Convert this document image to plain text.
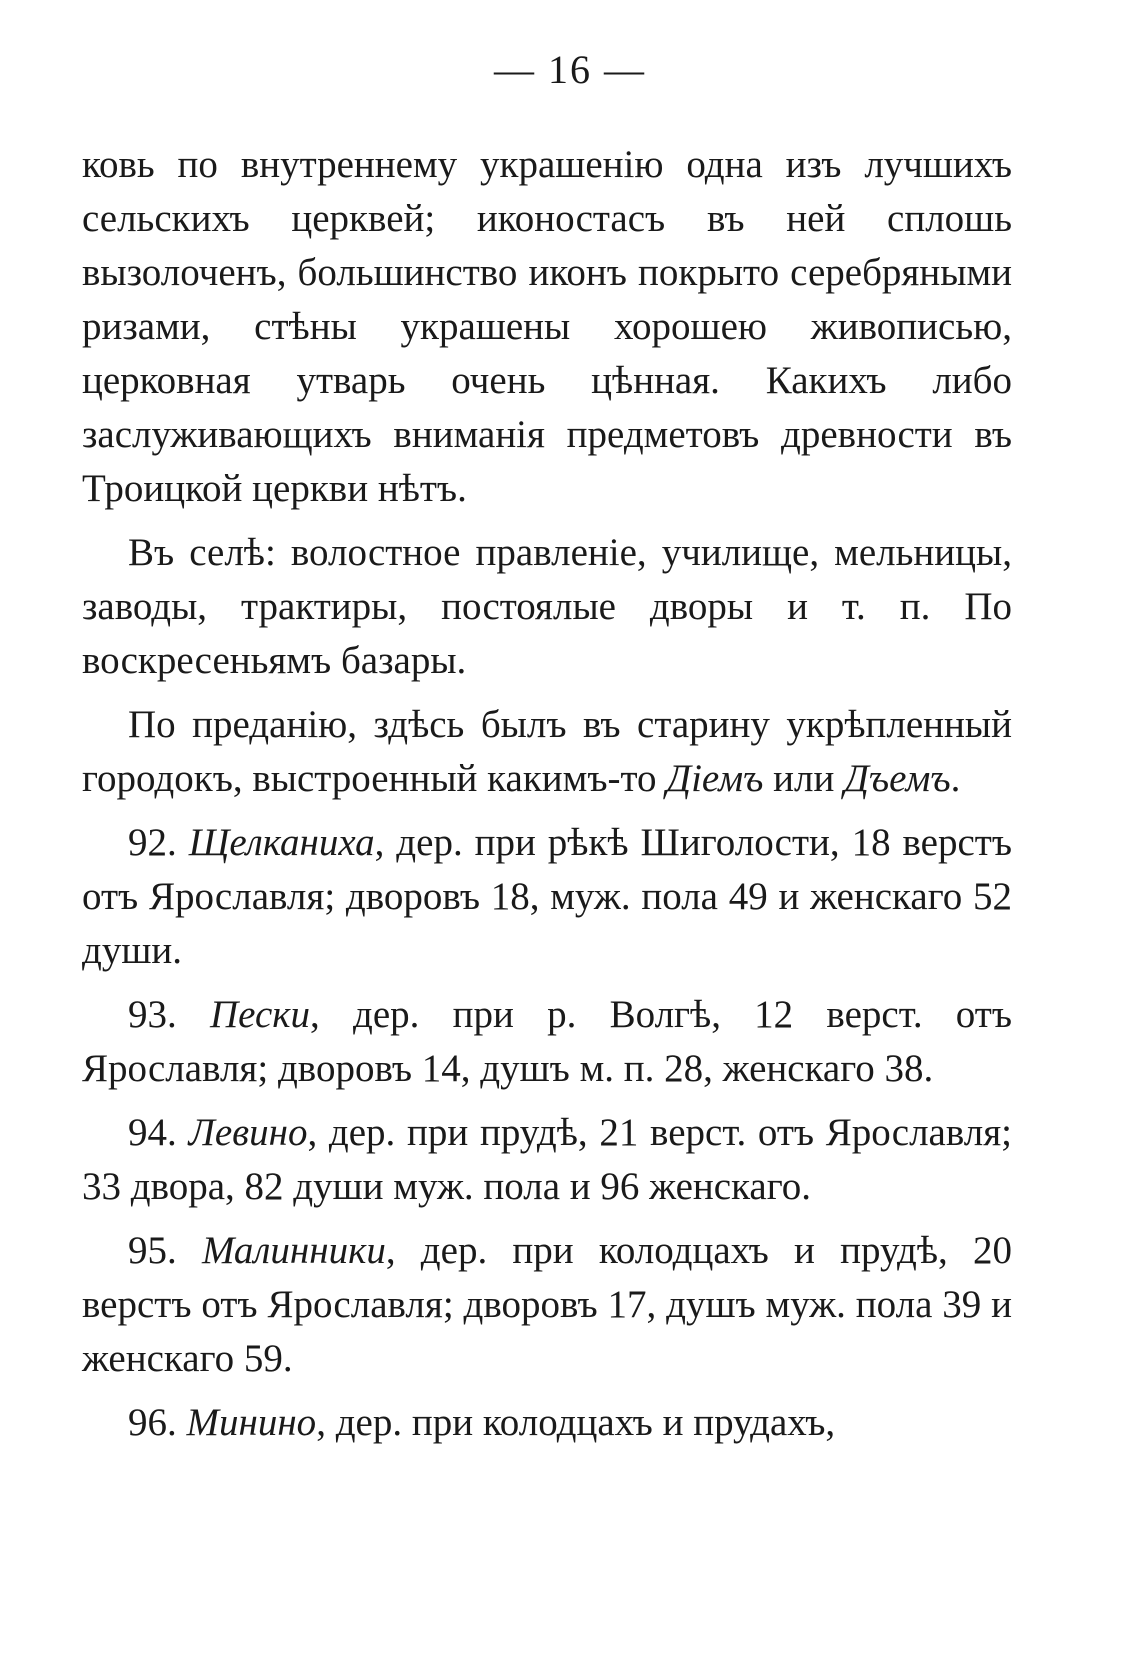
— 16 —

ковь по внутреннему украшенію одна изъ лучшихъ сельскихъ церквей; иконостасъ въ ней сплошь вызолоченъ, большинство иконъ покрыто серебряными ризами, стѣны украшены хорошею живописью, церковная утварь очень цѣнная. Какихъ либо заслуживающихъ вниманія предметовъ древности въ Троицкой церкви нѣтъ.

Въ селѣ: волостное правленіе, училище, мельницы, заводы, трактиры, постоялые дворы и т. п. По воскресеньямъ базары.

По преданію, здѣсь былъ въ старину укрѣпленный городокъ, выстроенный какимъ-то Діемъ или Дъемъ.

92. Щелканиха, дер. при рѣкѣ Шиголости, 18 верстъ отъ Ярославля; дворовъ 18, муж. пола 49 и женскаго 52 души.

93. Пески, дер. при р. Волгѣ, 12 верст. отъ Ярославля; дворовъ 14, душъ м. п. 28, женскаго 38.

94. Левино, дер. при прудѣ, 21 верст. отъ Ярославля; 33 двора, 82 души муж. пола и 96 женскаго.

95. Малинники, дер. при колодцахъ и прудѣ, 20 верстъ отъ Ярославля; дворовъ 17, душъ муж. пола 39 и женскаго 59.

96. Минино, дер. при колодцахъ и прудахъ,
